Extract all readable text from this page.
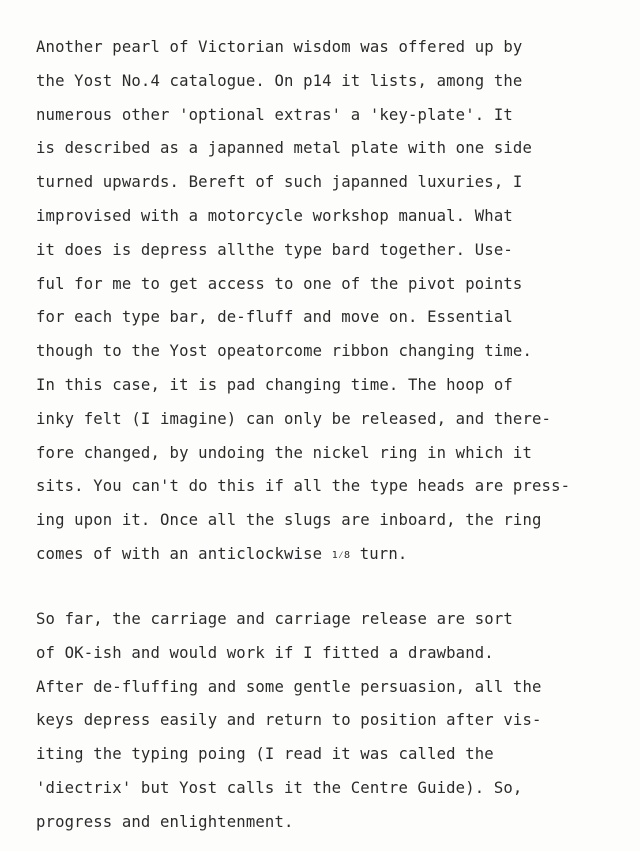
Another pearl of Victorian wisdom was offered up by
the Yost No.4 catalogue. On p14 it lists, among the
numerous other 'optional extras' a 'key-plate'. It
is described as a japanned metal plate with one side
turned upwards. Bereft of such japanned luxuries, I
improvised with a motorcycle workshop manual. What
it does is depress allthe type bard together. Use-
ful for me to get access to one of the pivot points
for each type bar, de-fluff and move on. Essential
though to the Yost opeatorcome ribbon changing time.
In this case, it is pad changing time. The hoop of
inky felt (I imagine) can only be released, and there-
fore changed, by undoing the nickel ring in which it
sits. You can't do this if all the type heads are press-
ing upon it. Once all the slugs are inboard, the ring
comes of with an anticlockwise 1⁄8 turn.

So far, the carriage and carriage release are sort
of OK-ish and would work if I fitted a drawband.
After de-fluffing and some gentle persuasion, all the
keys depress easily and return to position after vis-
iting the typing poing (I read it was called the
'diectrix' but Yost calls it the Centre Guide). So,
progress and enlightenment.
